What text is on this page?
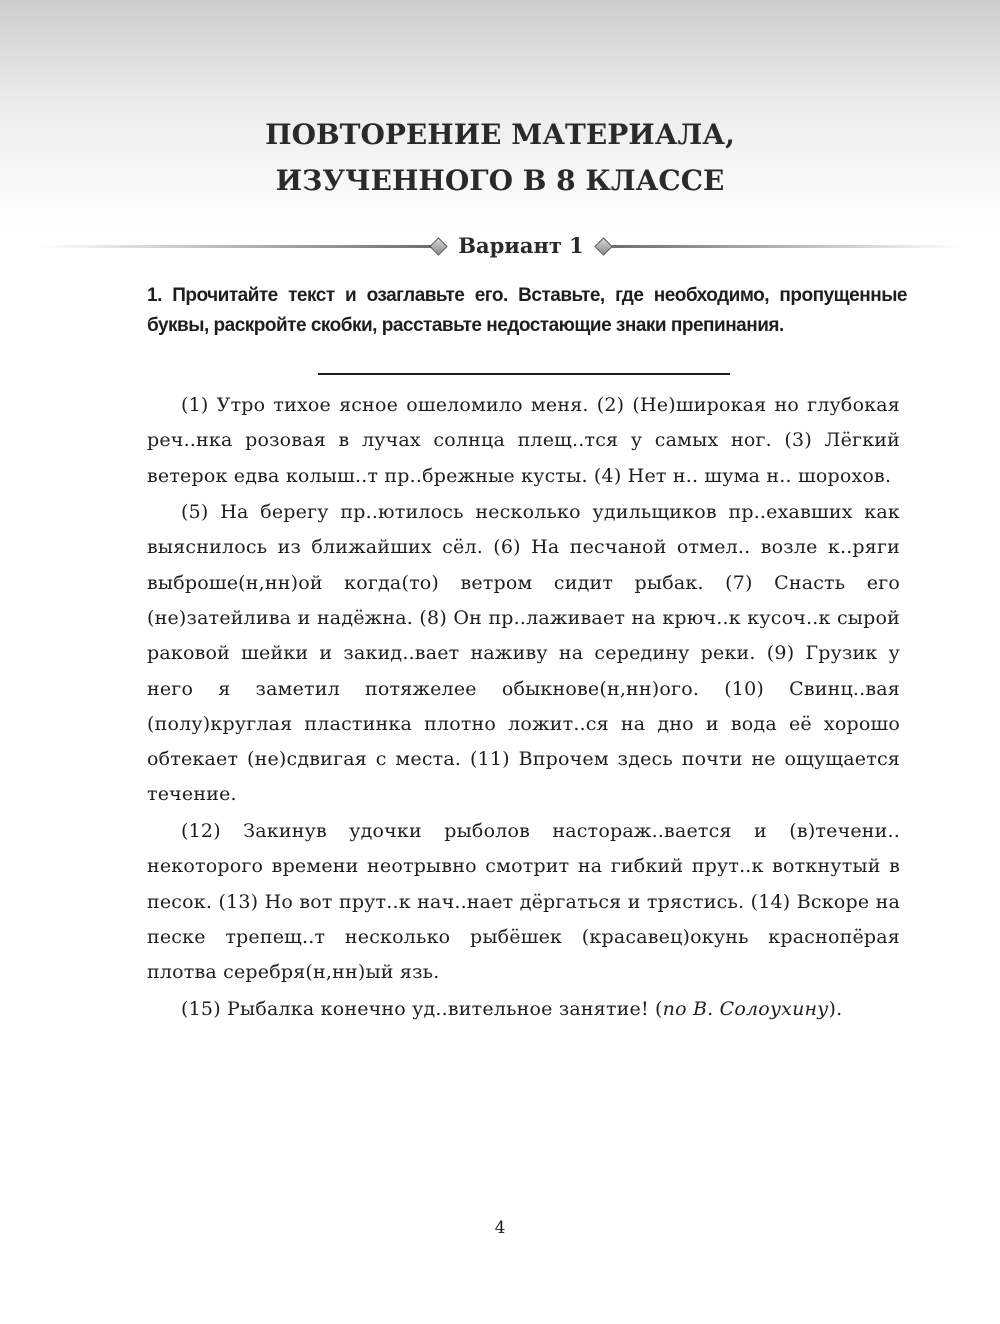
ПОВТОРЕНИЕ МАТЕРИАЛА,
ИЗУЧЕННОГО В 8 КЛАССЕ
Вариант 1

1. Прочитайте текст и озаглавьте его. Вставьте, где необходимо, пропущенные буквы, раскройте скобки, расставьте недостающие знаки препинания.

(1) Утро тихое ясное ошеломило меня. (2) (Не)широкая но глубокая реч..нка розовая в лучах солнца плещ..тся у самых ног. (3) Лёгкий ветерок едва колыш..т пр..брежные кусты. (4) Нет н.. шума н.. шорохов.

(5) На берегу пр..ютилось несколько удильщиков пр..ехавших как выяснилось из ближайших сёл. (6) На песчаной отмел.. возле к..ряги выброше(н,нн)ой когда(то) ветром сидит рыбак. (7) Снасть его (не)затейлива и надёжна. (8) Он пр..лаживает на крюч..к кусоч..к сырой раковой шейки и закид..вает наживу на середину реки. (9) Грузик у него я заметил потяжелее обыкнове(н,нн)ого. (10) Свинц..вая (полу)круглая пластинка плотно ложит..ся на дно и вода её хорошо обтекает (не)сдвигая с места. (11) Впрочем здесь почти не ощущается течение.

(12) Закинув удочки рыболов настораж..вается и (в)течени.. некоторого времени неотрывно смотрит на гибкий прут..к воткнутый в песок. (13) Но вот прут..к нач..нает дёргаться и трястись. (14) Вскоре на песке трепещ..т несколько рыбёшек (красавец)окунь краснопёрая плотва серебря(н,нн)ый язь.

(15) Рыбалка конечно уд..вительное занятие! (по В. Солоухину).

4
